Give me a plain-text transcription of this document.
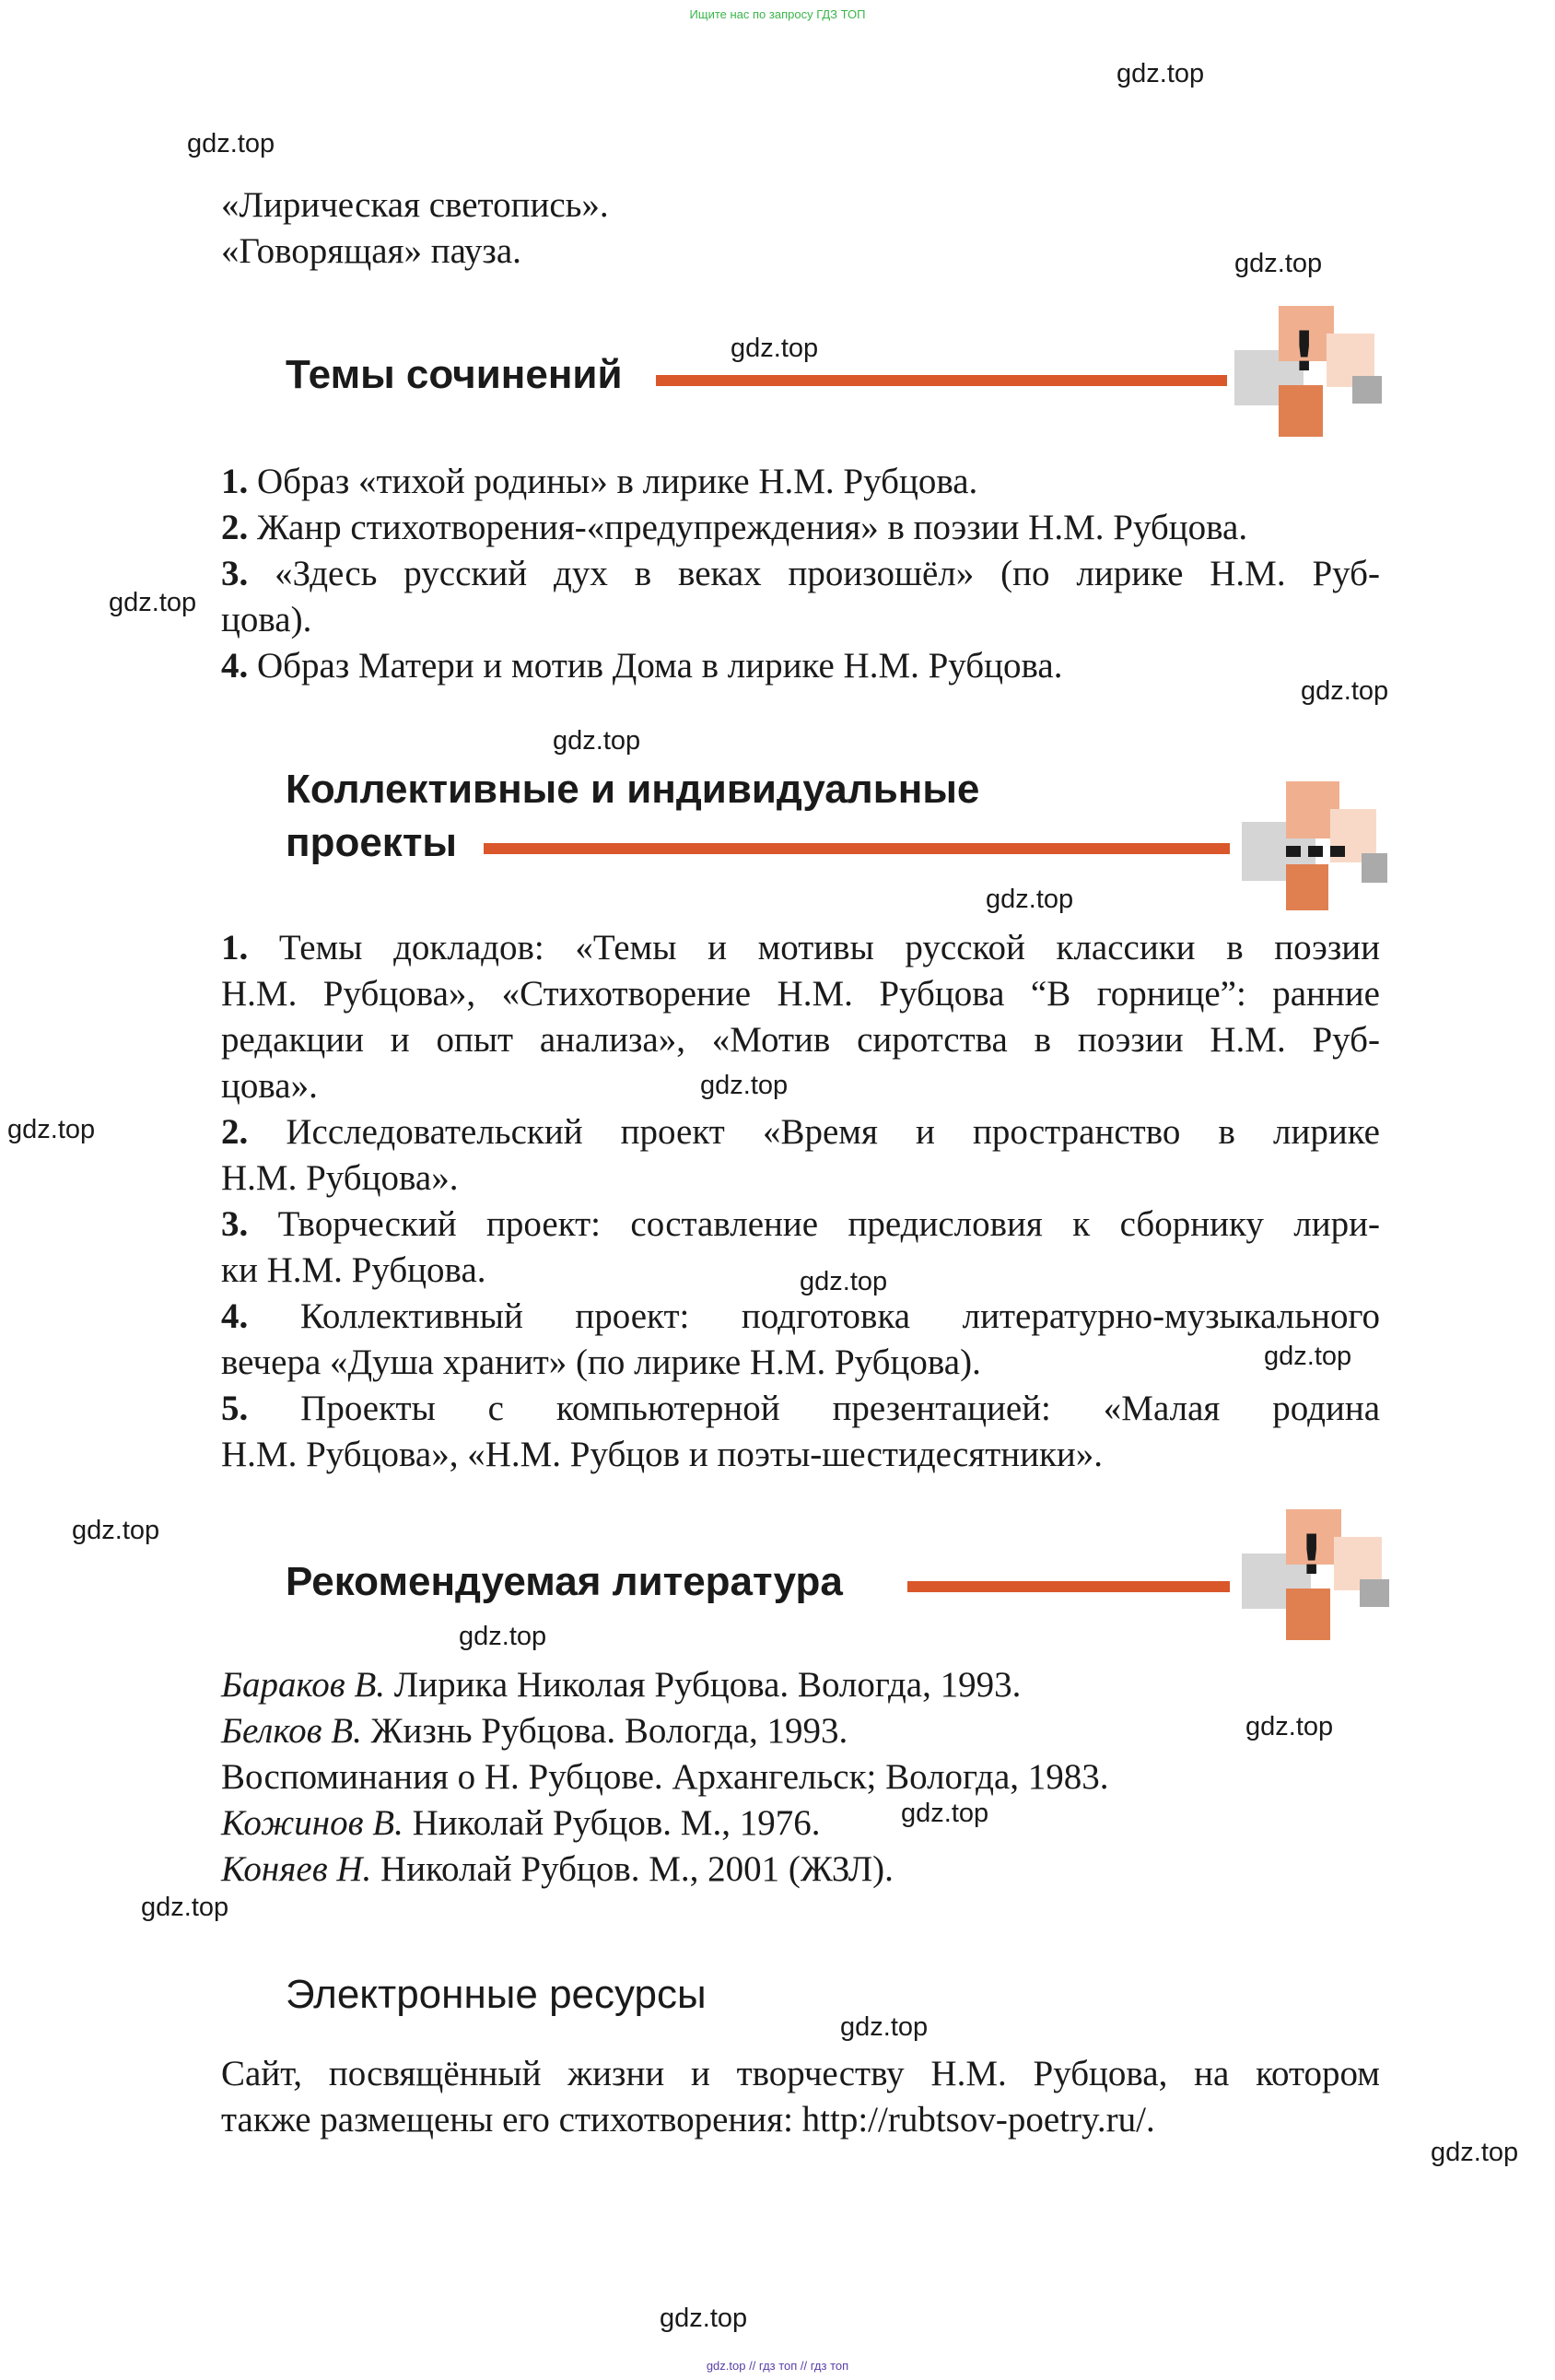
Ищите нас по запросу ГДЗ ТОП
gdz.top
gdz.top
gdz.top
gdz.top
gdz.top
gdz.top
gdz.top
gdz.top
gdz.top
gdz.top
gdz.top
gdz.top
gdz.top
gdz.top
gdz.top
gdz.top
gdz.top
gdz.top
gdz.top
gdz.top
«Лирическая светопись».
«Говорящая» пауза.
Темы сочинений	!
1. Образ «тихой родины» в лирике Н.М. Рубцова.
2. Жанр стихотворения-«предупреждения» в поэзии Н.М. Рубцова.
3. «Здесь русский дух в веках произошёл» (по лирике Н.М. Руб-
цова).
4. Образ Матери и мотив Дома в лирике Н.М. Рубцова.
Коллективные и индивидуальные
проекты
1. Темы докладов: «Темы и мотивы русской классики в поэзии
Н.М. Рубцова», «Стихотворение Н.М. Рубцова “В горнице”: ранние
редакции и опыт анализа», «Мотив сиротства в поэзии Н.М. Руб-
цова».
2. Исследовательский проект «Время и пространство в лирике
Н.М. Рубцова».
3. Творческий проект: составление предисловия к сборнику лири-
ки Н.М. Рубцова.
4. Коллективный проект: подготовка литературно-музыкального
вечера «Душа хранит» (по лирике Н.М. Рубцова).
5. Проекты с компьютерной презентацией: «Малая родина
Н.М. Рубцова», «Н.М. Рубцов и поэты-шестидесятники».
Рекомендуемая литература	!
Бараков В. Лирика Николая Рубцова. Вологда, 1993.
Белков В. Жизнь Рубцова. Вологда, 1993.
Воспоминания о Н. Рубцове. Архангельск; Вологда, 1983.
Кожинов В. Николай Рубцов. М., 1976.
Коняев Н. Николай Рубцов. М., 2001 (ЖЗЛ).
Электронные ресурсы
Сайт, посвящённый жизни и творчеству Н.М. Рубцова, на котором
также размещены его стихотворения: http://rubtsov-poetry.ru/.
gdz.top // гдз топ // гдз топ
